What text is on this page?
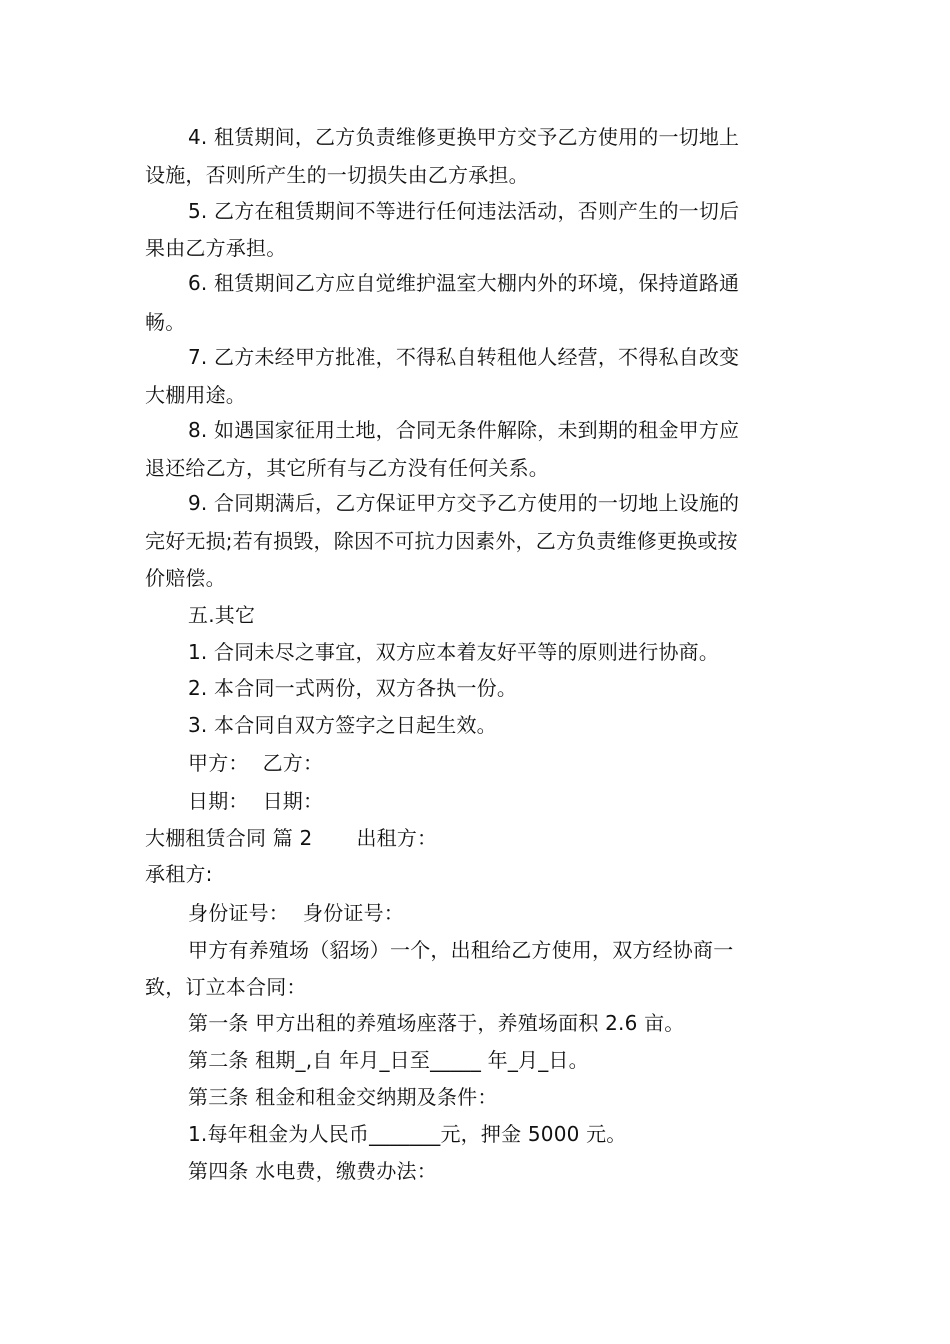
4. 租赁期间，乙方负责维修更换甲方交予乙方使用的一切地上
设施，否则所产生的一切损失由乙方承担。
5. 乙方在租赁期间不等进行任何违法活动，否则产生的一切后
果由乙方承担。
6. 租赁期间乙方应自觉维护温室大棚内外的环境，保持道路通
畅。
7. 乙方未经甲方批准，不得私自转租他人经营，不得私自改变
大棚用途。
8. 如遇国家征用土地，合同无条件解除，未到期的租金甲方应
退还给乙方，其它所有与乙方没有任何关系。
9. 合同期满后，乙方保证甲方交予乙方使用的一切地上设施的
完好无损;若有损毁，除因不可抗力因素外，乙方负责维修更换或按
价赔偿。
五.其它
1. 合同未尽之事宜，双方应本着友好平等的原则进行协商。
2. 本合同一式两份，双方各执一份。
3. 本合同自双方签字之日起生效。
甲方： 乙方：
日期： 日期：
大棚租赁合同 篇 2 出租方：
承租方:
身份证号： 身份证号：
甲方有养殖场（貂场）一个，出租给乙方使用，双方经协商一
致，订立本合同：
第一条 甲方出租的养殖场座落于，养殖场面积 2.6 亩。
第二条 租期_,自 年月_日至_____ 年_月_日。
第三条 租金和租金交纳期及条件：
1.每年租金为人民币_______元，押金 5000 元。
第四条 水电费，缴费办法：
